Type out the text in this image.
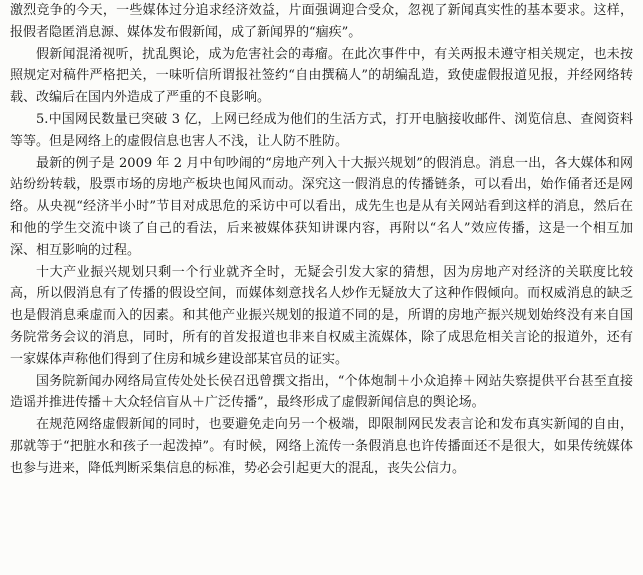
激烈竞争的今天，一些媒体过分追求经济效益，片面强调迎合受众，忽视了新闻真实性的基本要求。这样，报假者隐匿消息源、媒体发布假新闻，成了新闻界的“痼疾”。

假新闻混淆视听，扰乱舆论，成为危害社会的毒瘤。在此次事件中，有关两报未遵守相关规定，也未按照规定对稿件严格把关，一味听信所谓报社签约“自由撰稿人”的胡编乱造，致使虚假报道见报，并经网络转载、改编后在国内外造成了严重的不良影响。

5.中国网民数量已突破 3 亿，上网已经成为他们的生活方式，打开电脑接收邮件、浏览信息、查阅资料等等。但是网络上的虚假信息也害人不浅，让人防不胜防。

最新的例子是 2009 年 2 月中旬吵闹的“房地产列入十大振兴规划”的假消息。消息一出，各大媒体和网站纷纷转载，股票市场的房地产板块也闻风而动。深究这一假消息的传播链条，可以看出，始作俑者还是网络。从央视“经济半小时”节目对成思危的采访中可以看出，成先生也是从有关网站看到这样的消息，然后在和他的学生交流中谈了自己的看法，后来被媒体获知讲课内容，再附以“名人”效应传播，这是一个相互加深、相互影响的过程。

十大产业振兴规划只剩一个行业就齐全时，无疑会引发大家的猜想，因为房地产对经济的关联度比较高，所以假消息有了传播的假设空间，而媒体刻意找名人炒作无疑放大了这种作假倾向。而权威消息的缺乏也是假消息乘虚而入的因素。和其他产业振兴规划的报道不同的是，所谓的房地产振兴规划始终没有来自国务院常务会议的消息，同时，所有的首发报道也非来自权威主流媒体，除了成思危相关言论的报道外，还有一家媒体声称他们得到了住房和城乡建设部某官员的证实。

国务院新闻办网络局宣传处处长侯召迅曾撰文指出，“个体炮制＋小众追捧＋网站失察提供平台甚至直接造谣并推进传播＋大众轻信盲从＋广泛传播”，最终形成了虚假新闻信息的舆论场。

在规范网络虚假新闻的同时，也要避免走向另一个极端，即限制网民发表言论和发布真实新闻的自由，那就等于“把脏水和孩子一起泼掉”。有时候，网络上流传一条假消息也许传播面还不是很大，如果传统媒体也参与进来，降低判断采集信息的标准，势必会引起更大的混乱，丧失公信力。
